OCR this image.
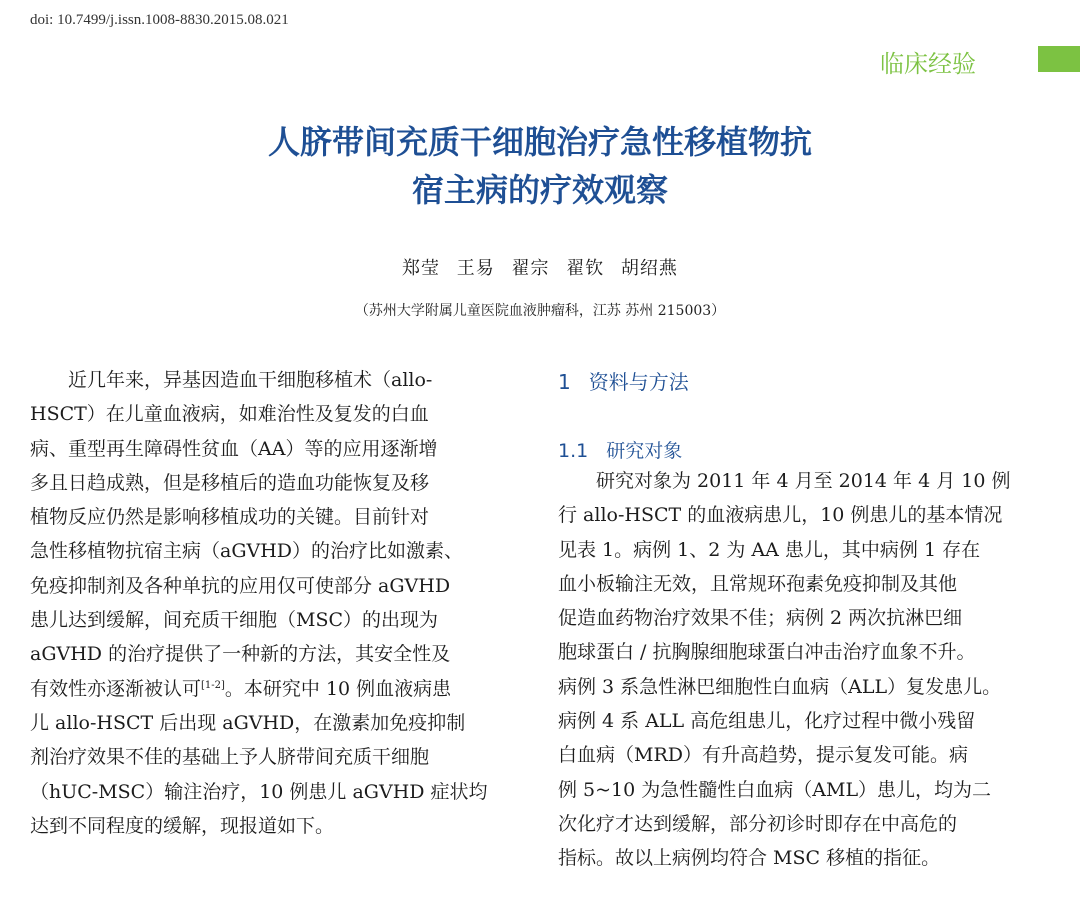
doi: 10.7499/j.issn.1008-8830.2015.08.021
临床经验
人脐带间充质干细胞治疗急性移植物抗
宿主病的疗效观察
郑莹 王易 翟宗 翟钦 胡绍燕
（苏州大学附属儿童医院血液肿瘤科，江苏 苏州 215003）
近几年来，异基因造血干细胞移植术（allo-
HSCT）在儿童血液病，如难治性及复发的白血
病、重型再生障碍性贫血（AA）等的应用逐渐增
多且日趋成熟，但是移植后的造血功能恢复及移
植物反应仍然是影响移植成功的关键。目前针对
急性移植物抗宿主病（aGVHD）的治疗比如激素、
免疫抑制剂及各种单抗的应用仅可使部分 aGVHD
患儿达到缓解，间充质干细胞（MSC）的出现为
aGVHD 的治疗提供了一种新的方法，其安全性及
有效性亦逐渐被认可[1-2]。本研究中 10 例血液病患
儿 allo-HSCT 后出现 aGVHD，在激素加免疫抑制
剂治疗效果不佳的基础上予人脐带间充质干细胞
（hUC-MSC）输注治疗，10 例患儿 aGVHD 症状均
达到不同程度的缓解，现报道如下。
1 资料与方法
1.1 研究对象
研究对象为 2011 年 4 月至 2014 年 4 月 10 例
行 allo-HSCT 的血液病患儿，10 例患儿的基本情况
见表 1。病例 1、2 为 AA 患儿，其中病例 1 存在
血小板输注无效，且常规环孢素免疫抑制及其他
促造血药物治疗效果不佳；病例 2 两次抗淋巴细
胞球蛋白 / 抗胸腺细胞球蛋白冲击治疗血象不升。
病例 3 系急性淋巴细胞性白血病（ALL）复发患儿。
病例 4 系 ALL 高危组患儿，化疗过程中微小残留
白血病（MRD）有升高趋势，提示复发可能。病
例 5~10 为急性髓性白血病（AML）患儿，均为二
次化疗才达到缓解，部分初诊时即存在中高危的
指标。故以上病例均符合 MSC 移植的指征。
